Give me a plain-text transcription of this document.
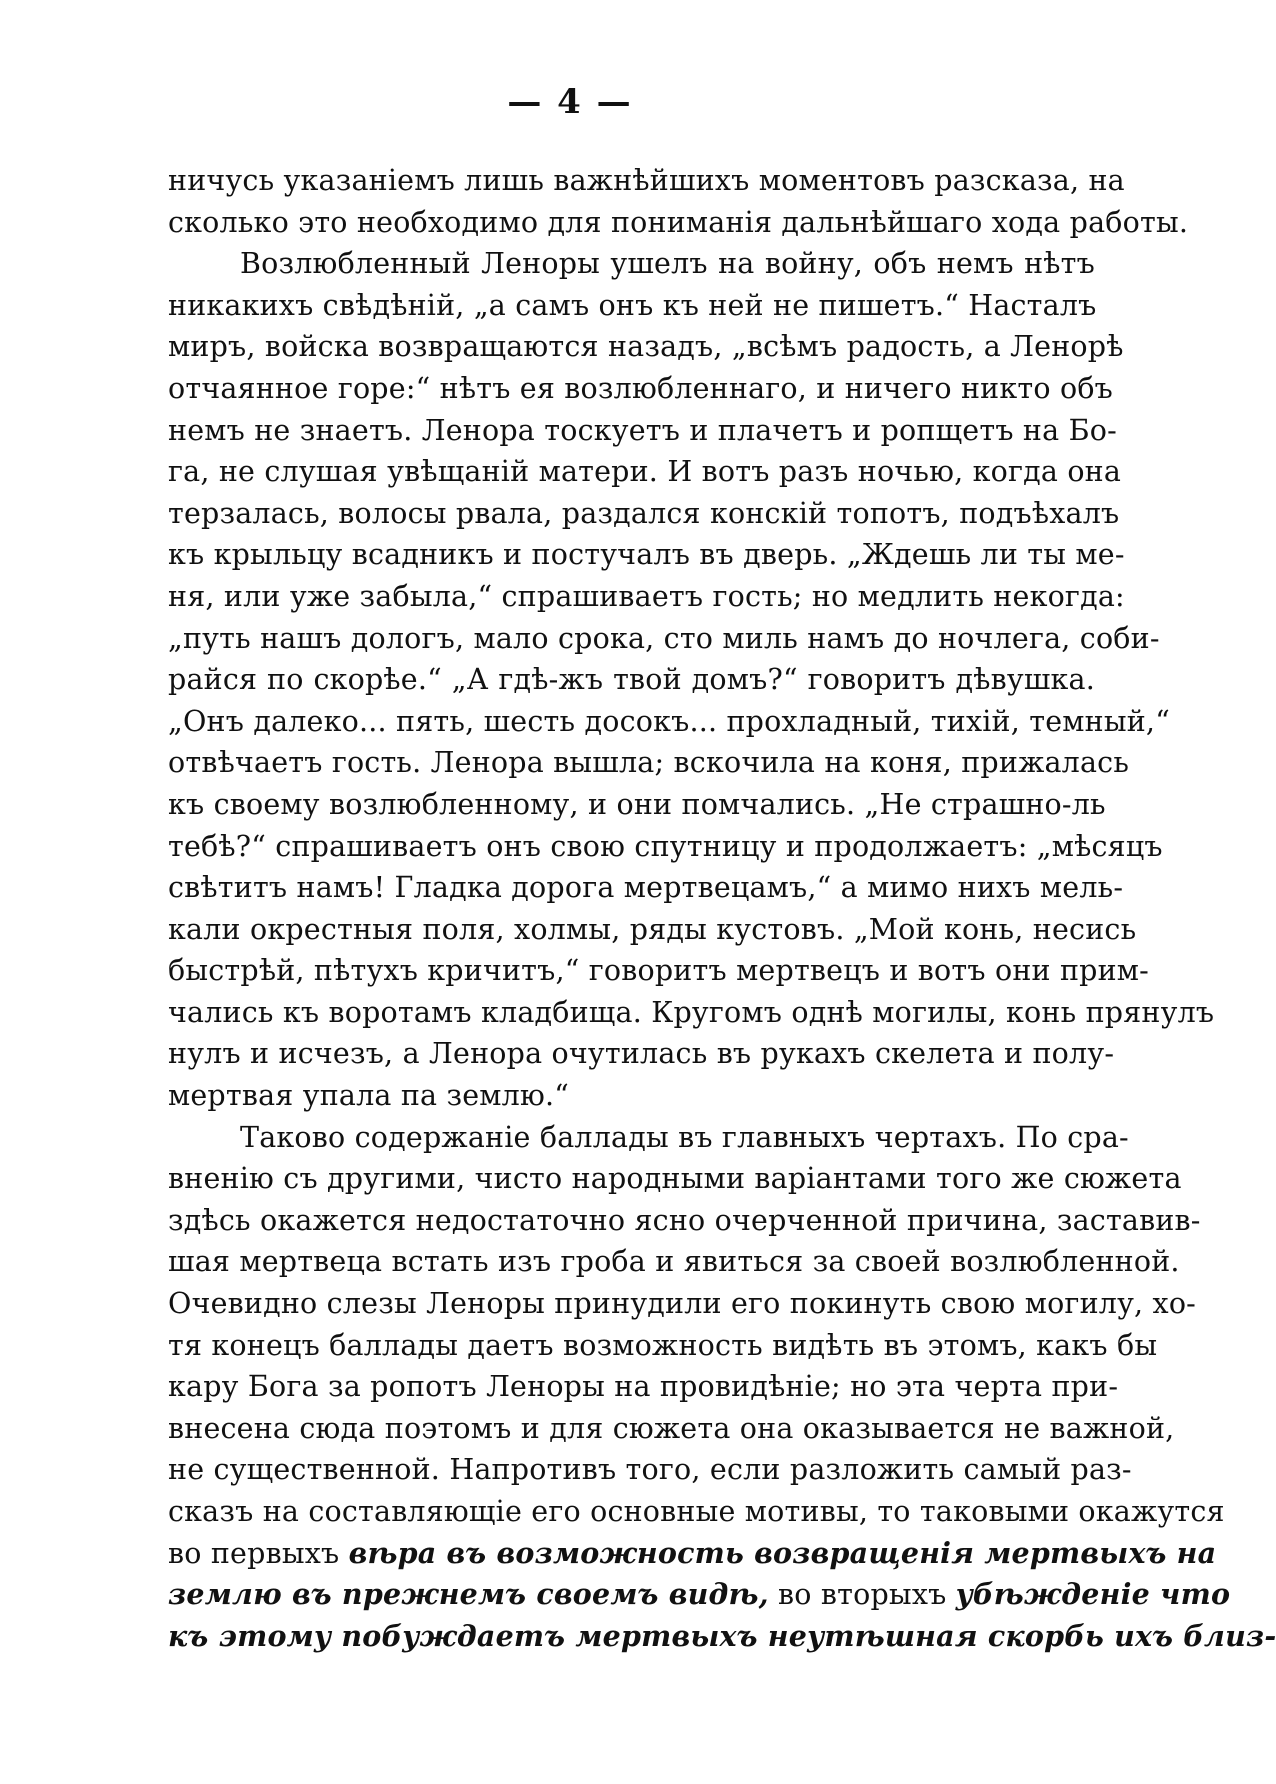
— 4 —
ничусь указаніемъ лишь важнѣйшихъ моментовъ разсказа, на
сколько это необходимо для пониманія дальнѣйшаго хода работы.
Возлюбленный Леноры ушелъ на войну, объ немъ нѣтъ
никакихъ свѣдѣній, „а самъ онъ къ ней не пишетъ.“ Насталъ
миръ, войска возвращаются назадъ, „всѣмъ радость, а Ленорѣ
отчаянное горе:“ нѣтъ ея возлюбленнаго, и ничего никто объ
немъ не знаетъ. Ленора тоскуетъ и плачетъ и ропщетъ на Бо-
га, не слушая увѣщаній матери. И вотъ разъ ночью, когда она
терзалась, волосы рвала, раздался конскій топотъ, подъѣхалъ
къ крыльцу всадникъ и постучалъ въ дверь. „Ждешь ли ты ме-
ня, или уже забыла,“ спрашиваетъ гость; но медлить некогда:
„путь нашъ дологъ, мало срока, сто миль намъ до ночлега, соби-
райся по скорѣе.“ „А гдѣ-жъ твой домъ?“ говоритъ дѣвушка.
„Онъ далеко... пять, шесть досокъ... прохладный, тихій, темный,“
отвѣчаетъ гость. Ленора вышла; вскочила на коня, прижалась
къ своему возлюбленному, и они помчались. „Не страшно-ль
тебѣ?“ спрашиваетъ онъ свою спутницу и продолжаетъ: „мѣсяцъ
свѣтитъ намъ! Гладка дорога мертвецамъ,“ а мимо нихъ мель-
кали окрестныя поля, холмы, ряды кустовъ. „Мой конь, несись
быстрѣй, пѣтухъ кричитъ,“ говоритъ мертвецъ и вотъ они прим-
чались къ воротамъ кладбища. Кругомъ однѣ могилы, конь прянулъ
нулъ и исчезъ, а Ленора очутилась въ рукахъ скелета и полу-
мертвая упала па землю.“
Таково содержаніе баллады въ главныхъ чертахъ. По сра-
вненію съ другими, чисто народными варіантами того же сюжета
здѣсь окажется недостаточно ясно очерченной причина, заставив-
шая мертвеца встать изъ гроба и явиться за своей возлюбленной.
Очевидно слезы Леноры принудили его покинуть свою могилу, хо-
тя конецъ баллады даетъ возможность видѣть въ этомъ, какъ бы
кару Бога за ропотъ Леноры на провидѣніе; но эта черта при-
внесена сюда поэтомъ и для сюжета она оказывается не важной,
не существенной. Напротивъ того, если разложить самый раз-
сказъ на составляющіе его основные мотивы, то таковыми окажутся
во первыхъ вѣра въ возможность возвращенія мертвыхъ на
землю въ прежнемъ своемъ видѣ, во вторыхъ убѣжденіе что
къ этому побуждаетъ мертвыхъ неутѣшная скорбь ихъ близ-
